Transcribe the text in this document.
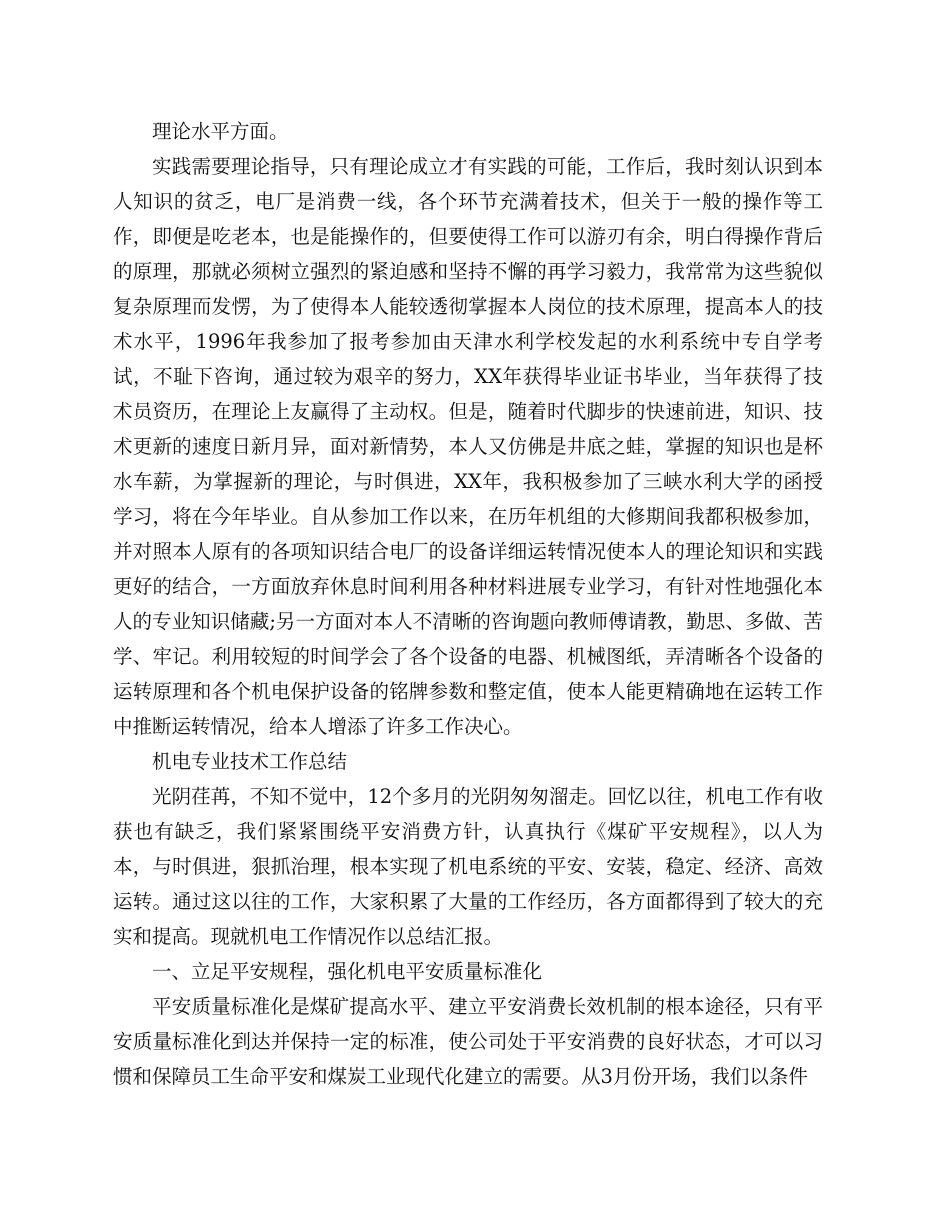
理论水平方面。

实践需要理论指导，只有理论成立才有实践的可能，工作后，我时刻认识到本人知识的贫乏，电厂是消费一线，各个环节充满着技术，但关于一般的操作等工作，即便是吃老本，也是能操作的，但要使得工作可以游刃有余，明白得操作背后的原理，那就必须树立强烈的紧迫感和坚持不懈的再学习毅力，我常常为这些貌似复杂原理而发愣，为了使得本人能较透彻掌握本人岗位的技术原理，提高本人的技术水平，1996年我参加了报考参加由天津水利学校发起的水利系统中专自学考试，不耻下咨询，通过较为艰辛的努力，XX年获得毕业证书毕业，当年获得了技术员资历，在理论上友赢得了主动权。但是，随着时代脚步的快速前进，知识、技术更新的速度日新月异，面对新情势，本人又仿佛是井底之蛙，掌握的知识也是杯水车薪，为掌握新的理论，与时俱进，XX年，我积极参加了三峡水利大学的函授学习，将在今年毕业。自从参加工作以来，在历年机组的大修期间我都积极参加，并对照本人原有的各项知识结合电厂的设备详细运转情况使本人的理论知识和实践更好的结合，一方面放弃休息时间利用各种材料进展专业学习，有针对性地强化本人的专业知识储藏;另一方面对本人不清晰的咨询题向教师傅请教，勤思、多做、苦学、牢记。利用较短的时间学会了各个设备的电器、机械图纸，弄清晰各个设备的运转原理和各个机电保护设备的铭牌参数和整定值，使本人能更精确地在运转工作中推断运转情况，给本人增添了许多工作决心。

机电专业技术工作总结

光阴荏苒，不知不觉中，12个多月的光阴匆匆溜走。回忆以往，机电工作有收获也有缺乏，我们紧紧围绕平安消费方针，认真执行《煤矿平安规程》，以人为本，与时俱进，狠抓治理，根本实现了机电系统的平安、安装，稳定、经济、高效运转。通过这以往的工作，大家积累了大量的工作经历，各方面都得到了较大的充实和提高。现就机电工作情况作以总结汇报。

一、立足平安规程，强化机电平安质量标准化

平安质量标准化是煤矿提高水平、建立平安消费长效机制的根本途径，只有平安质量标准化到达并保持一定的标准，使公司处于平安消费的良好状态，才可以习惯和保障员工生命平安和煤炭工业现代化建立的需要。从3月份开场，我们以条件
